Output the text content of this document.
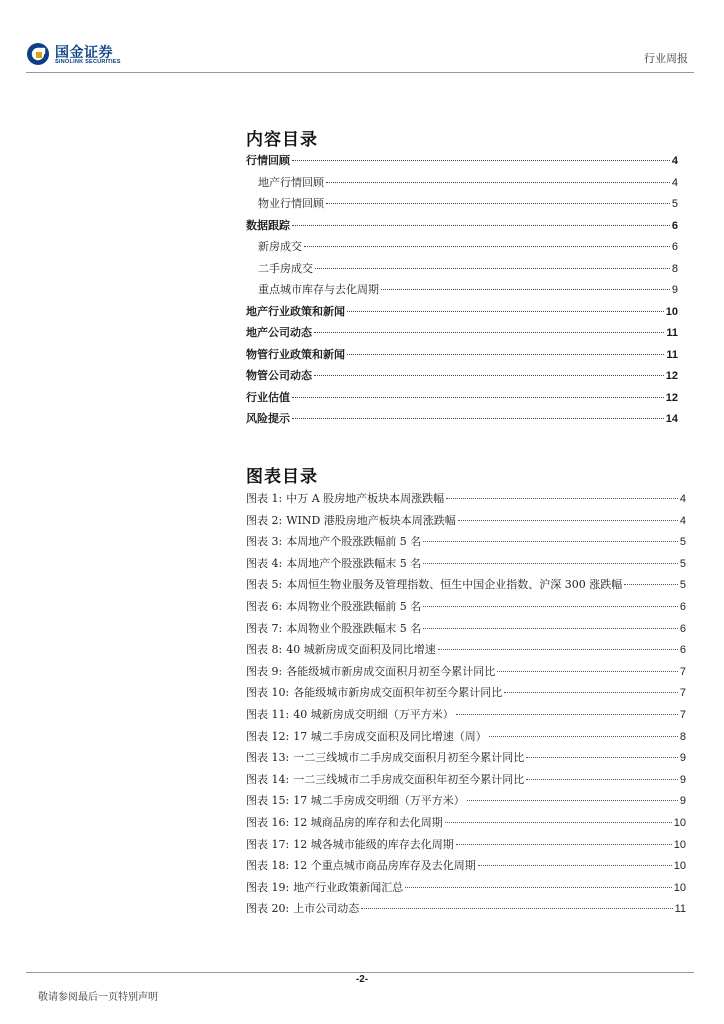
国金证券
SINOLINK SECURITIES	行业周报
内容目录
行情回顾	4
地产行情回顾	4
物业行情回顾	5
数据跟踪	6
新房成交	6
二手房成交	8
重点城市库存与去化周期	9
地产行业政策和新闻	10
地产公司动态	11
物管行业政策和新闻	11
物管公司动态	12
行业估值	12
风险提示	14
图表目录
图表 1: 中万 A 股房地产板块本周涨跌幅	4
图表 2: WIND 港股房地产板块本周涨跌幅	4
图表 3: 本周地产个股涨跌幅前 5 名	5
图表 4: 本周地产个股涨跌幅末 5 名	5
图表 5: 本周恒生物业服务及管理指数、恒生中国企业指数、沪深 300 涨跌幅	5
图表 6: 本周物业个股涨跌幅前 5 名	6
图表 7: 本周物业个股涨跌幅末 5 名	6
图表 8: 40 城新房成交面积及同比增速	6
图表 9: 各能级城市新房成交面积月初至今累计同比	7
图表 10: 各能级城市新房成交面积年初至今累计同比	7
图表 11: 40 城新房成交明细（万平方米）	7
图表 12: 17 城二手房成交面积及同比增速（周）	8
图表 13: 一二三线城市二手房成交面积月初至今累计同比	9
图表 14: 一二三线城市二手房成交面积年初至今累计同比	9
图表 15: 17 城二手房成交明细（万平方米）	9
图表 16: 12 城商品房的库存和去化周期	10
图表 17: 12 城各城市能级的库存去化周期	10
图表 18: 12 个重点城市商品房库存及去化周期	10
图表 19: 地产行业政策新闻汇总	10
图表 20: 上市公司动态	11
-2-
敬请参阅最后一页特别声明
